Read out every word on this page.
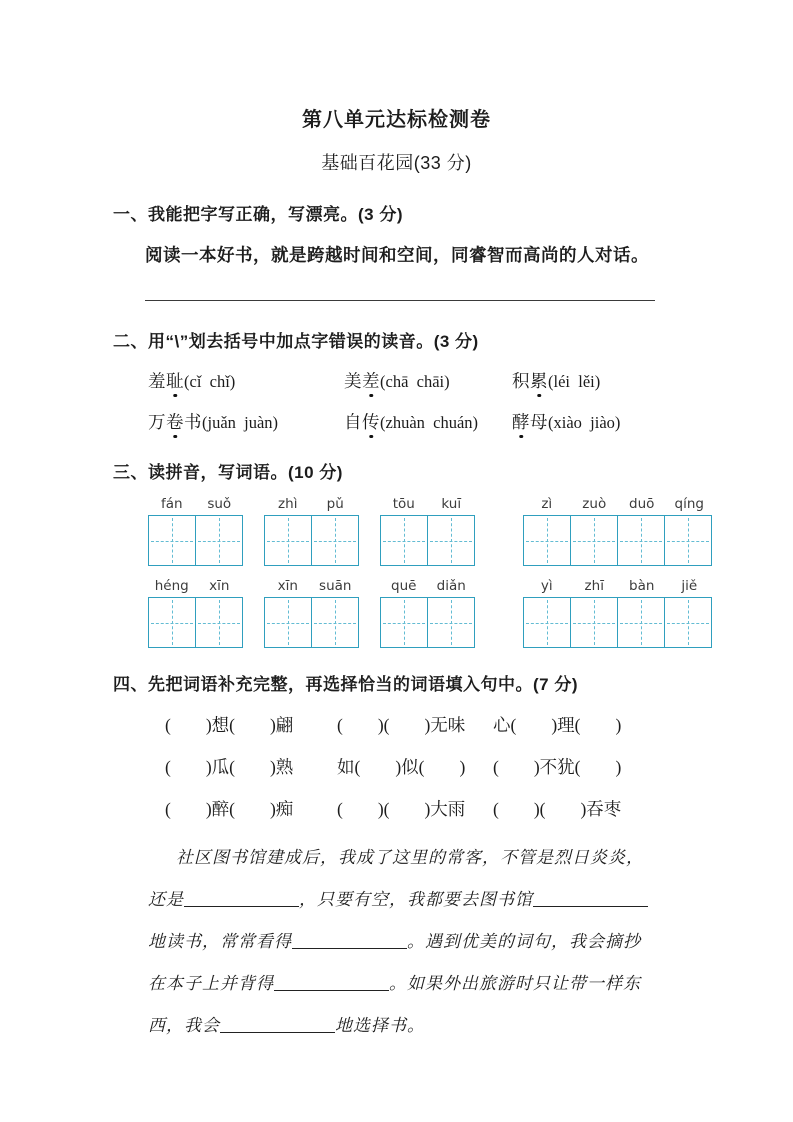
第八单元达标检测卷
基础百花园(33 分)
一、我能把字写正确，写漂亮。(3 分)
阅读一本好书，就是跨越时间和空间，同睿智而高尚的人对话。
二、用“\”划去括号中加点字错误的读音。(3 分)
羞耻(cǐ  chǐ)	美差(chā  chāi)	积累(léi  lěi)
万卷书(juǎn  juàn)	自传(zhuàn  chuán)	酵母(xiào  jiào)
三、读拼音，写词语。(10 分)
fán	suǒ	zhì	pǔ	tōu	kuī	zì	zuò	duō	qíng
héng	xīn	xīn	suān	quē	diǎn	yì	zhī	bàn	jiě
四、先把词语补充完整，再选择恰当的词语填入句中。(7 分)
(　　)想(　　)翩	(　　)(　　)无味	心(　　)理(　　)
(　　)瓜(　　)熟	如(　　)似(　　)	(　　)不犹(　　)
(　　)醉(　　)痴	(　　)(　　)大雨	(　　)(　　)吞枣
社区图书馆建成后，我成了这里的常客，不管是烈日炎炎，
还是	，只要有空，我都要去图书馆
地读书，常常看得	。遇到优美的词句，我会摘抄
在本子上并背得	。如果外出旅游时只让带一样东
西，我会	地选择书。
